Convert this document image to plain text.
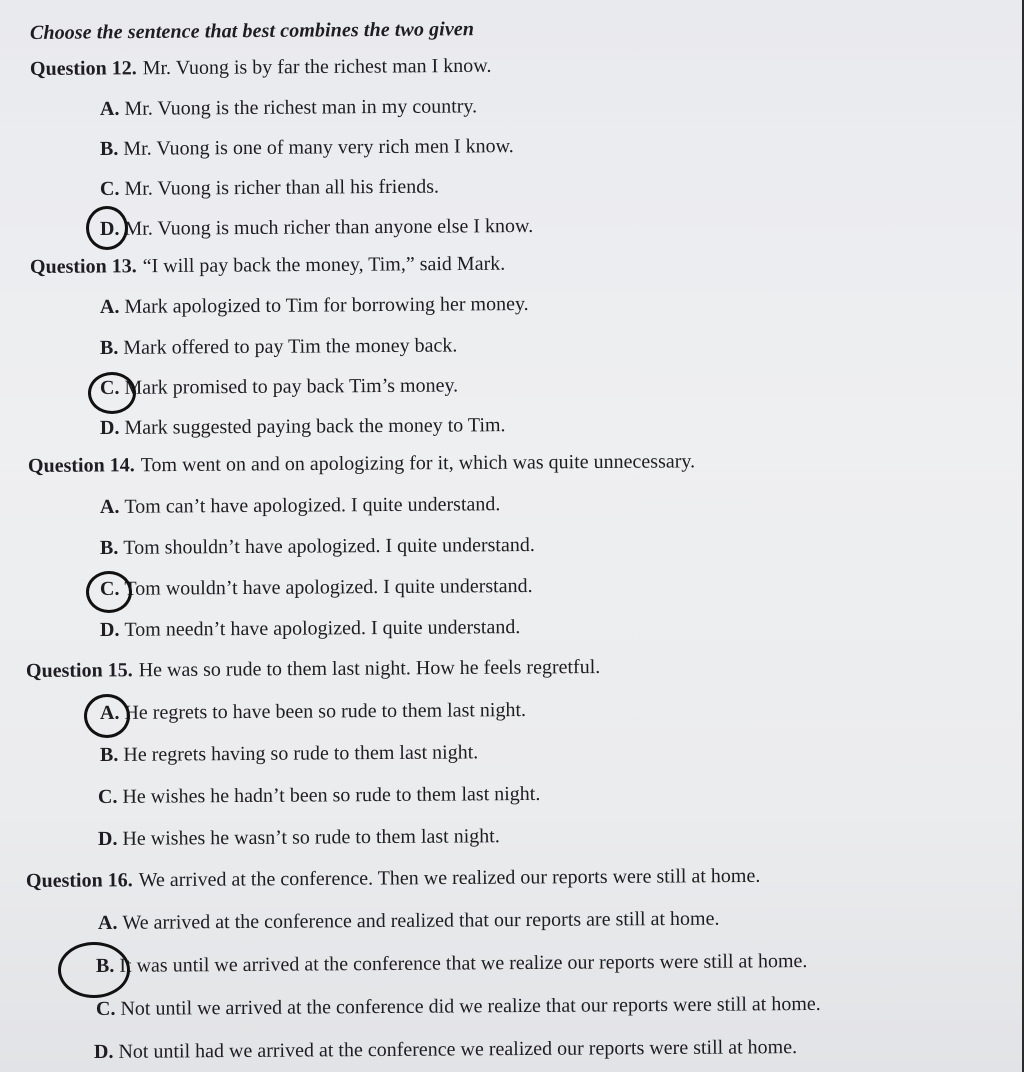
Choose the sentence that best combines the two given
Question 12. Mr. Vuong is by far the richest man I know.
A. Mr. Vuong is the richest man in my country.
B. Mr. Vuong is one of many very rich men I know.
C. Mr. Vuong is richer than all his friends.
D. Mr. Vuong is much richer than anyone else I know.
Question 13. “I will pay back the money, Tim,” said Mark.
A. Mark apologized to Tim for borrowing her money.
B. Mark offered to pay Tim the money back.
C. Mark promised to pay back Tim’s money.
D. Mark suggested paying back the money to Tim.
Question 14. Tom went on and on apologizing for it, which was quite unnecessary.
A. Tom can’t have apologized. I quite understand.
B. Tom shouldn’t have apologized. I quite understand.
C. Tom wouldn’t have apologized. I quite understand.
D. Tom needn’t have apologized. I quite understand.
Question 15. He was so rude to them last night. How he feels regretful.
A. He regrets to have been so rude to them last night.
B. He regrets having so rude to them last night.
C. He wishes he hadn’t been so rude to them last night.
D. He wishes he wasn’t so rude to them last night.
Question 16. We arrived at the conference. Then we realized our reports were still at home.
A. We arrived at the conference and realized that our reports are still at home.
B. It was until we arrived at the conference that we realize our reports were still at home.
C. Not until we arrived at the conference did we realize that our reports were still at home.
D. Not until had we arrived at the conference we realized our reports were still at home.
